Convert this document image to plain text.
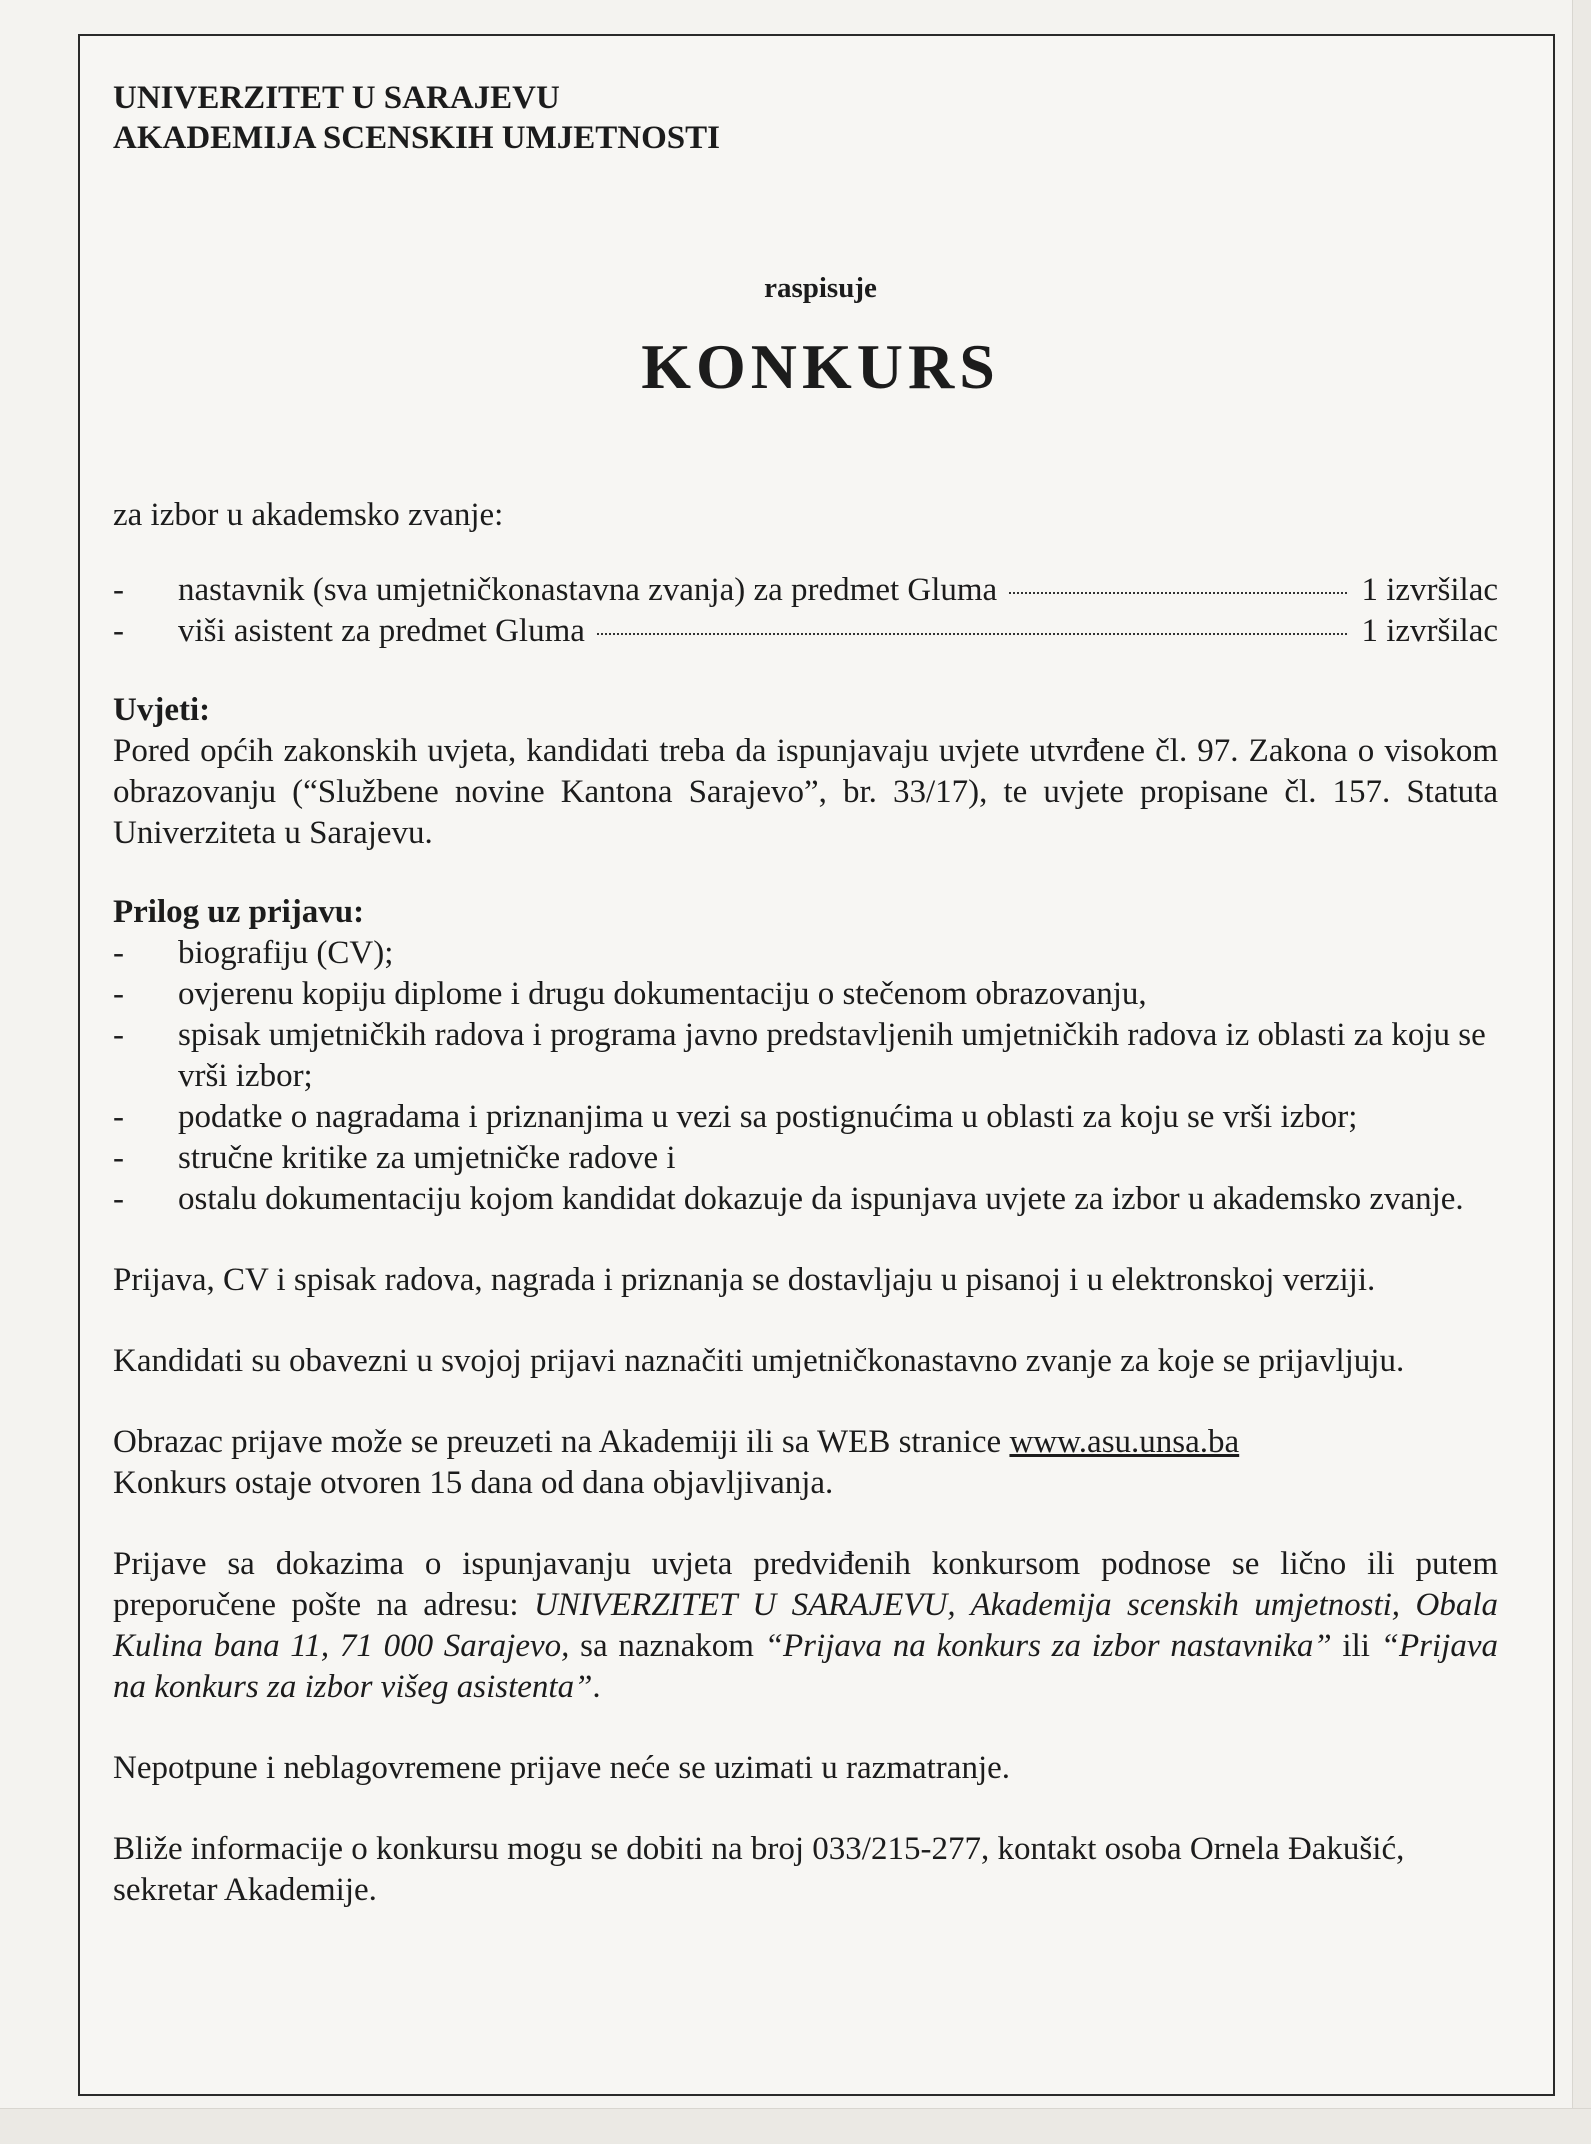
UNIVERZITET U SARAJEVU
AKADEMIJA SCENSKIH UMJETNOSTI
raspisuje
KONKURS
za izbor u akademsko zvanje:
-	nastavnik (sva umjetničkonastavna zvanja) za predmet Gluma	1 izvršilac
-	viši asistent za predmet Gluma	1 izvršilac
Uvjeti:
Pored općih zakonskih uvjeta, kandidati treba da ispunjavaju uvjete utvrđene čl. 97. Zakona o visokom obrazovanju (“Službene novine Kantona Sarajevo”, br. 33/17), te uvjete propisane čl. 157. Statuta Univerziteta u Sarajevu.
Prilog uz prijavu:
-	biografiju (CV);
-	ovjerenu kopiju diplome i drugu dokumentaciju o stečenom obrazovanju,
-	spisak umjetničkih radova i programa javno predstavljenih umjetničkih radova iz oblasti za koju se vrši izbor;
-	podatke o nagradama i priznanjima u vezi sa postignućima u oblasti za koju se vrši izbor;
-	stručne kritike za umjetničke radove i
-	ostalu dokumentaciju kojom kandidat dokazuje da ispunjava uvjete za izbor u akademsko zvanje.
Prijava, CV i spisak radova, nagrada i priznanja se dostavljaju u pisanoj i u elektronskoj verziji.
Kandidati su obavezni u svojoj prijavi naznačiti umjetničkonastavno zvanje za koje se prijavljuju.
Obrazac prijave može se preuzeti na Akademiji ili sa WEB stranice www.asu.unsa.ba
Konkurs ostaje otvoren 15 dana od dana objavljivanja.
Prijave sa dokazima o ispunjavanju uvjeta predviđenih konkursom podnose se lično ili putem preporučene pošte na adresu: UNIVERZITET U SARAJEVU, Akademija scenskih umjetnosti, Obala Kulina bana 11, 71 000 Sarajevo, sa naznakom “Prijava na konkurs za izbor nastavnika” ili “Prijava na konkurs za izbor višeg asistenta”.
Nepotpune i neblagovremene prijave neće se uzimati u razmatranje.
Bliže informacije o konkursu mogu se dobiti na broj 033/215-277, kontakt osoba Ornela Đakušić, sekretar Akademije.
